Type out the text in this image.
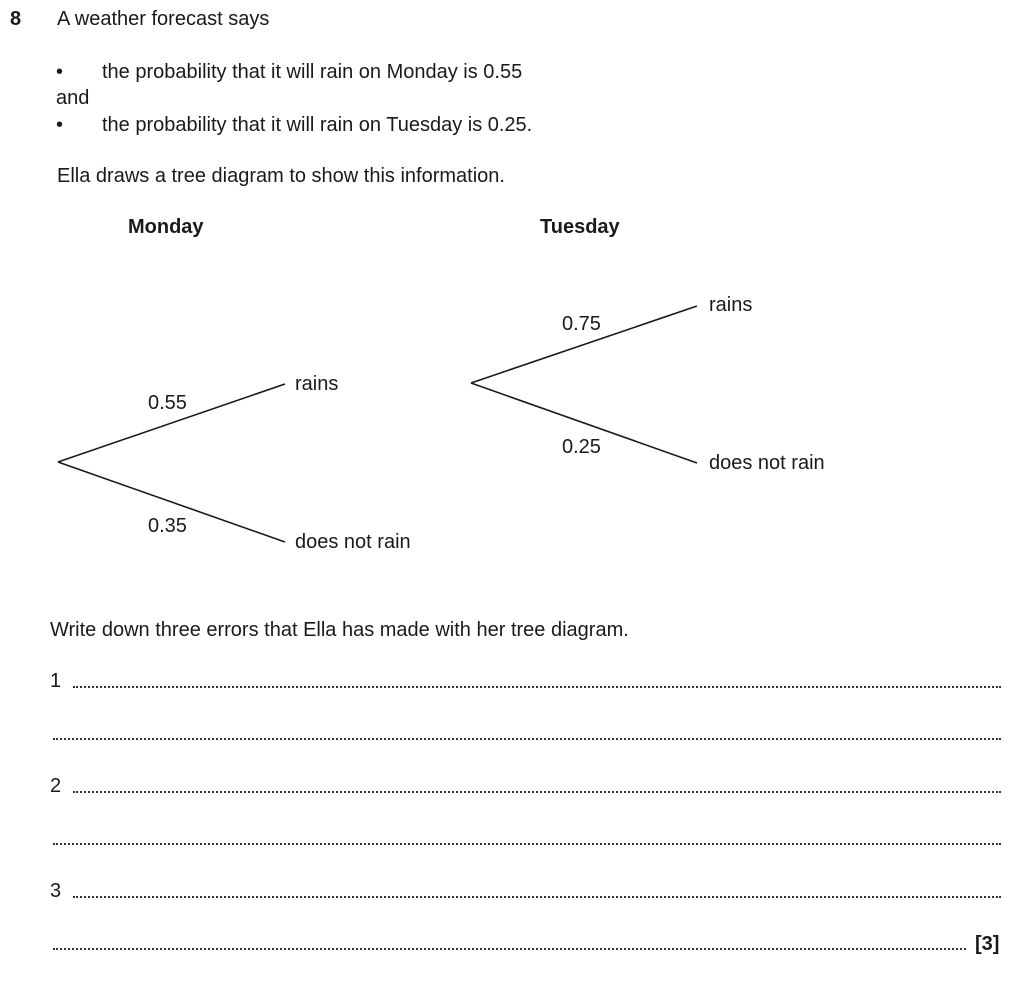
8 A weather forecast says
• the probability that it will rain on Monday is 0.55
and
• the probability that it will rain on Tuesday is 0.25.
Ella draws a tree diagram to show this information.
Monday	Tuesday
0.55
0.35
rains
does not rain
0.75
0.25
rains
does not rain
Write down three errors that Ella has made with her tree diagram.
1
2
3
[3]
